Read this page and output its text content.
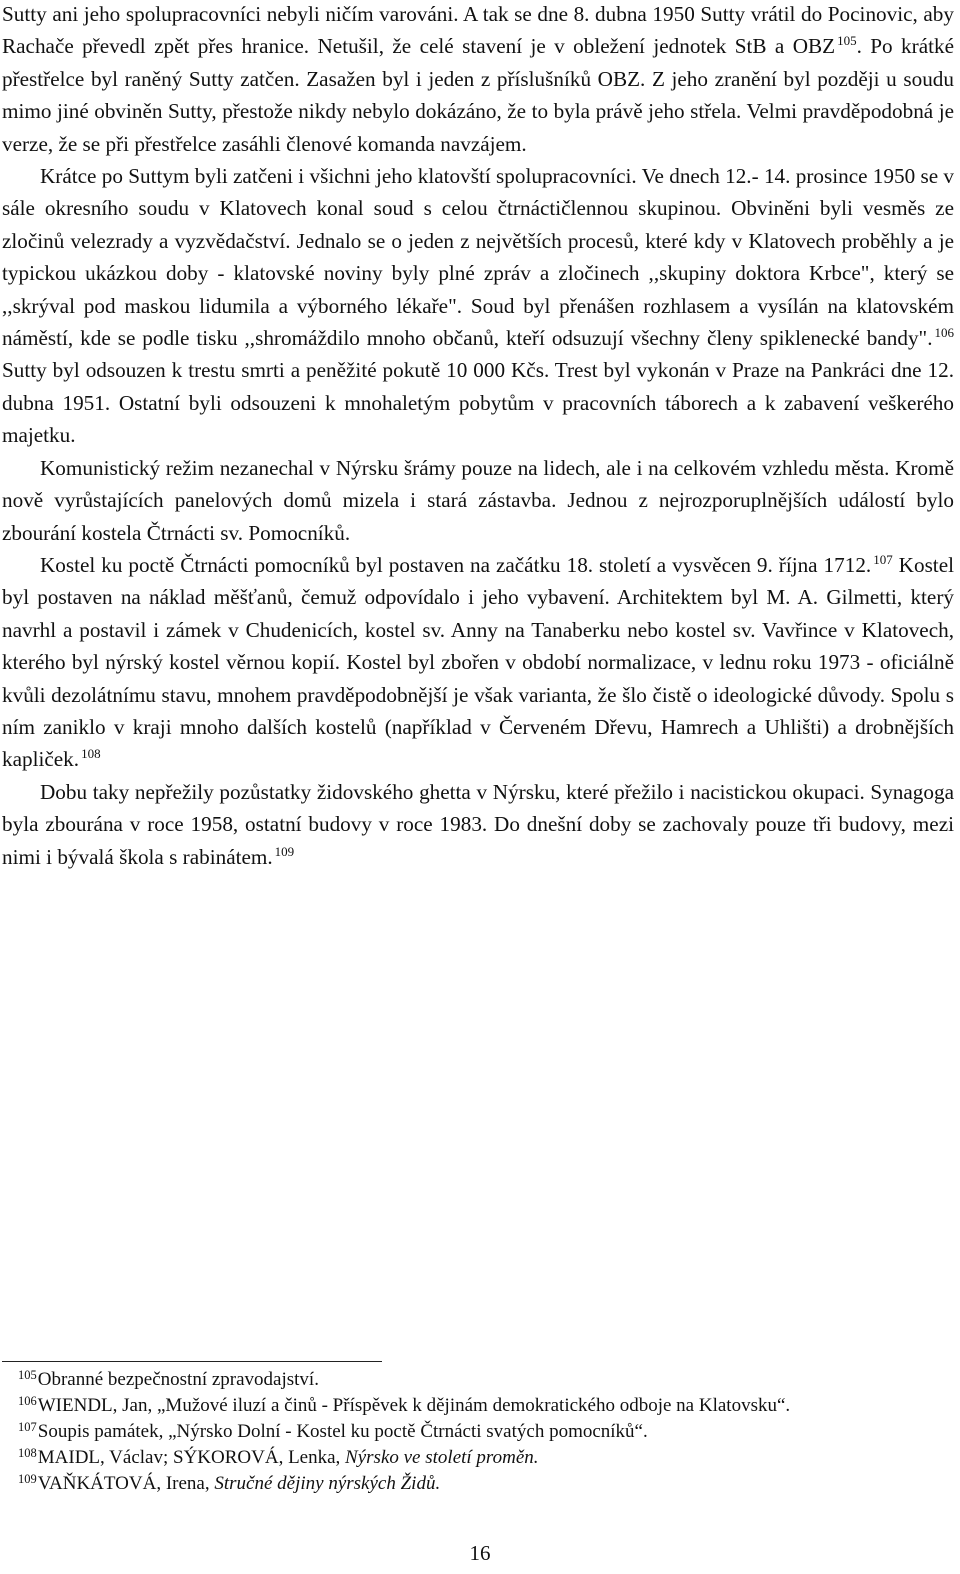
Sutty ani jeho spolupracovníci nebyli ničím varováni. A tak se dne 8. dubna 1950 Sutty vrátil do Pocinovic, aby Rachače převedl zpět přes hranice. Netušil, že celé stavení je v obležení jednotek StB a OBZ $^{105}$. Po krátké přestřelce byl raněný Sutty zatčen. Zasažen byl i jeden z příslušníků OBZ. Z jeho zranění byl později u soudu mimo jiné obviněn Sutty, přestože nikdy nebylo dokázáno, že to byla právě jeho střela. Velmi pravděpodobná je verze, že se při přestřelce zasáhli členové komanda navzájem.

Krátce po Suttym byli zatčeni i všichni jeho klatovští spolupracovníci. Ve dnech 12.- 14. prosince 1950 se v sále okresního soudu v Klatovech konal soud s celou čtrnáctičlennou skupinou. Obviněni byli vesměs ze zločinů velezrady a vyzvědačství. Jednalo se o jeden z největších procesů, které kdy v Klatovech proběhly a je typickou ukázkou doby - klatovské noviny byly plné zpráv a zločinech ,,skupiny doktora Krbce", který se ,,skrýval pod maskou lidumila a výborného lékaře". Soud byl přenášen rozhlasem a vysílán na klatovském náměstí, kde se podle tisku ,,shromáždilo mnoho občanů, kteří odsuzují všechny členy spiklenecké bandy". $^{106}$ Sutty byl odsouzen k trestu smrti a peněžité pokutě 10 000 Kčs. Trest byl vykonán v Praze na Pankráci dne 12. dubna 1951. Ostatní byli odsouzeni k mnohaletým pobytům v pracovních táborech a k zabavení veškerého majetku.

Komunistický režim nezanechal v Nýrsku šrámy pouze na lidech, ale i na celkovém vzhledu města. Kromě nově vyrůstajících panelových domů mizela i stará zástavba. Jednou z nejrozporuplnějších událostí bylo zbourání kostela Čtrnácti sv. Pomocníků.

Kostel ku poctě Čtrnácti pomocníků byl postaven na začátku 18. století a vysvěcen 9. října 1712. $^{107}$ Kostel byl postaven na náklad měšťanů, čemuž odpovídalo i jeho vybavení. Architektem byl M. A. Gilmetti, který navrhl a postavil i zámek v Chudenicích, kostel sv. Anny na Tanaberku nebo kostel sv. Vavřince v Klatovech, kterého byl nýrský kostel věrnou kopií. Kostel byl zbořen v období normalizace, v lednu roku 1973 - oficiálně kvůli dezolátnímu stavu, mnohem pravděpodobnější je však varianta, že šlo čistě o ideologické důvody. Spolu s ním zaniklo v kraji mnoho dalších kostelů (například v Červeném Dřevu, Hamrech a Uhlišti) a drobnějších kapliček. $^{108}$

Dobu taky nepřežily pozůstatky židovského ghetta v Nýrsku, které přežilo i nacistickou okupaci. Synagoga byla zbourána v roce 1958, ostatní budovy v roce 1983. Do dnešní doby se zachovaly pouze tři budovy, mezi nimi i bývalá škola s rabinátem. $^{109}$

$^{105}$Obranné bezpečnostní zpravodajství.

$^{106}$WIENDL, Jan, „Mužové iluzí a činů - Příspěvek k dějinám demokratického odboje na Klatovsku“.

$^{107}$Soupis památek, „Nýrsko Dolní - Kostel ku poctě Čtrnácti svatých pomocníků“.

$^{108}$MAIDL, Václav; SÝKOROVÁ, Lenka, Nýrsko ve století proměn.

$^{109}$VAŇKÁTOVÁ, Irena, Stručné dějiny nýrských Židů.

16
